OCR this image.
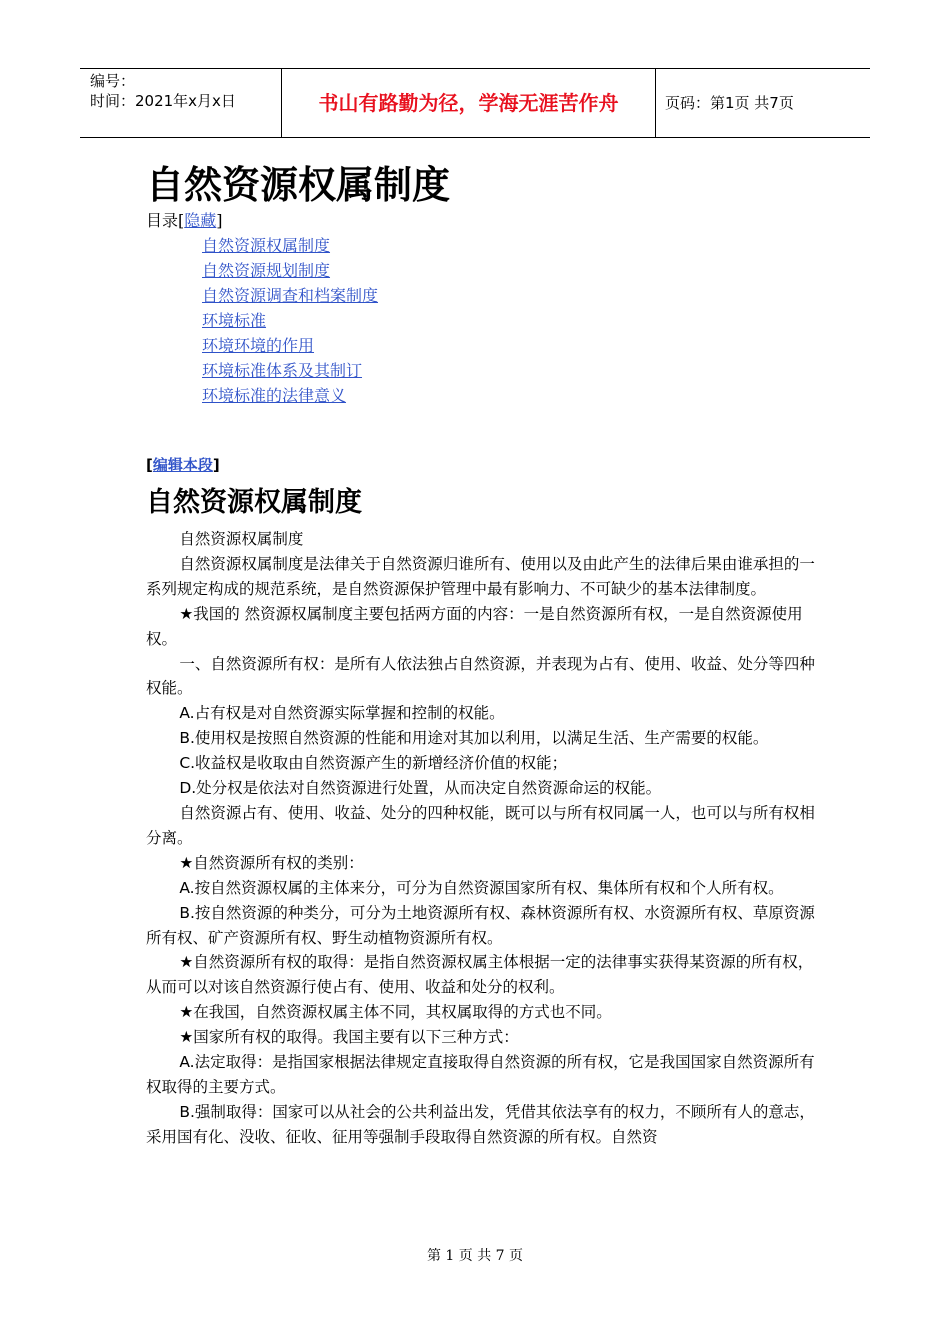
编号：
时间：2021年x月x日	书山有路勤为径，学海无涯苦作舟	页码：第1页 共7页
自然资源权属制度
目录[隐藏]
自然资源权属制度
自然资源规划制度
自然资源调查和档案制度
环境标准
环境环境的作用
环境标准体系及其制订
环境标准的法律意义
[编辑本段]
自然资源权属制度

自然资源权属制度

自然资源权属制度是法律关于自然资源归谁所有、使用以及由此产生的法律后果由谁承担的一系列规定构成的规范系统，是自然资源保护管理中最有影响力、不可缺少的基本法律制度。

★我国的 然资源权属制度主要包括两方面的内容：一是自然资源所有权，一是自然资源使用权。

一、自然资源所有权：是所有人依法独占自然资源，并表现为占有、使用、收益、处分等四种权能。

A.占有权是对自然资源实际掌握和控制的权能。

B.使用权是按照自然资源的性能和用途对其加以利用，以满足生活、生产需要的权能。

C.收益权是收取由自然资源产生的新增经济价值的权能；

D.处分权是依法对自然资源进行处置，从而决定自然资源命运的权能。

自然资源占有、使用、收益、处分的四种权能，既可以与所有权同属一人，也可以与所有权相分离。

★自然资源所有权的类别：

A.按自然资源权属的主体来分，可分为自然资源国家所有权、集体所有权和个人所有权。

B.按自然资源的种类分，可分为土地资源所有权、森林资源所有权、水资源所有权、草原资源所有权、矿产资源所有权、野生动植物资源所有权。

★自然资源所有权的取得：是指自然资源权属主体根据一定的法律事实获得某资源的所有权，从而可以对该自然资源行使占有、使用、收益和处分的权利。

★在我国，自然资源权属主体不同，其权属取得的方式也不同。

★国家所有权的取得。我国主要有以下三种方式：

A.法定取得：是指国家根据法律规定直接取得自然资源的所有权，它是我国国家自然资源所有权取得的主要方式。

B.强制取得：国家可以从社会的公共利益出发，凭借其依法享有的权力，不顾所有人的意志，采用国有化、没收、征收、征用等强制手段取得自然资源的所有权。自然资

第 1 页 共 7 页
